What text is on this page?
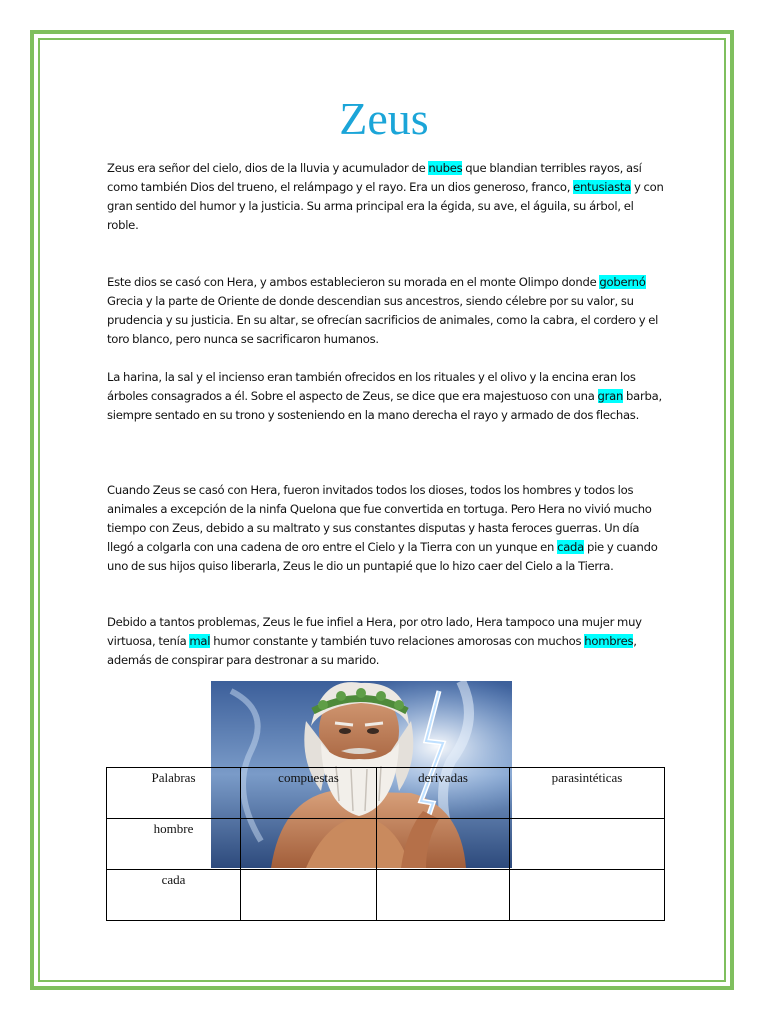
Zeus
Zeus era señor del cielo, dios de la lluvia y acumulador de nubes que blandian terribles rayos, así como también Dios del trueno, el relámpago y el rayo. Era un dios generoso, franco, entusiasta y con gran sentido del humor y la justicia. Su arma principal era la égida, su ave, el águila, su árbol, el roble.
Este dios se casó con Hera, y ambos establecieron su morada en el monte Olimpo donde gobernó Grecia y la parte de Oriente de donde descendian sus ancestros, siendo célebre por su valor, su prudencia y su justicia. En su altar, se ofrecían sacrificios de animales, como la cabra, el cordero y el toro blanco, pero nunca se sacrificaron humanos.
La harina, la sal y el incienso eran también ofrecidos en los rituales y el olivo y la encina eran los árboles consagrados a él. Sobre el aspecto de Zeus, se dice que era majestuoso con una gran barba, siempre sentado en su trono y sosteniendo en la mano derecha el rayo y armado de dos flechas.
Cuando Zeus se casó con Hera, fueron invitados todos los dioses, todos los hombres y todos los animales a excepción de la ninfa Quelona que fue convertida en tortuga. Pero Hera no vivió mucho tiempo con Zeus, debido a su maltrato y sus constantes disputas y hasta feroces guerras. Un día llegó a colgarla con una cadena de oro entre el Cielo y la Tierra con un yunque en cada pie y cuando uno de sus hijos quiso liberarla, Zeus le dio un puntapié que lo hizo caer del Cielo a la Tierra.
Debido a tantos problemas, Zeus le fue infiel a Hera, por otro lado, Hera tampoco una mujer muy virtuosa, tenía mal humor constante y también tuvo relaciones amorosas con muchos hombres, además de conspirar para destronar a su marido.
Palabras	compuestas	derivadas	parasintéticas
hombre			
cada			
